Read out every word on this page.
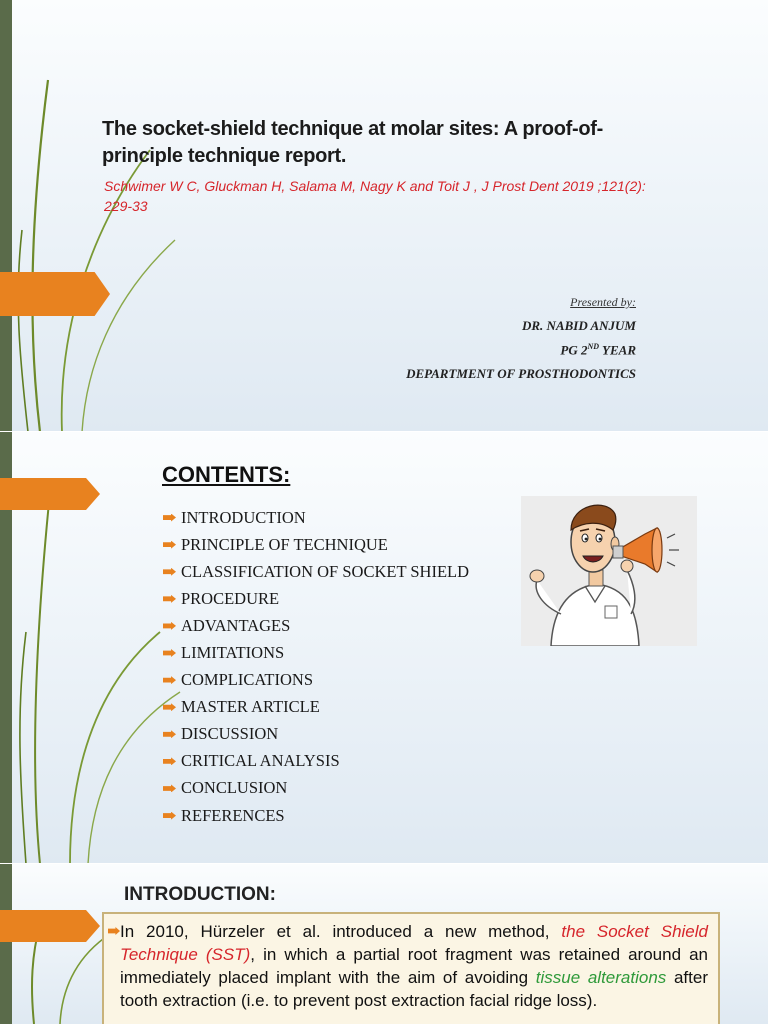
The socket-shield technique at molar sites: A proof-of-principle technique report.
Schwimer W C, Gluckman H, Salama M, Nagy K and Toit J , J Prost Dent 2019 ;121(2): 229-33
Presented by:
DR. NABID ANJUM
PG 2ND YEAR
DEPARTMENT OF PROSTHODONTICS
CONTENTS:
INTRODUCTION
PRINCIPLE OF TECHNIQUE
CLASSIFICATION OF SOCKET SHIELD
PROCEDURE
ADVANTAGES
LIMITATIONS
COMPLICATIONS
MASTER ARTICLE
DISCUSSION
CRITICAL ANALYSIS
CONCLUSION
REFERENCES
INTRODUCTION:
In 2010, Hürzeler et al. introduced a new method, the Socket Shield Technique (SST), in which a partial root fragment was retained around an immediately placed implant with the aim of avoiding tissue alterations after tooth extraction (i.e. to prevent post extraction facial ridge loss).
